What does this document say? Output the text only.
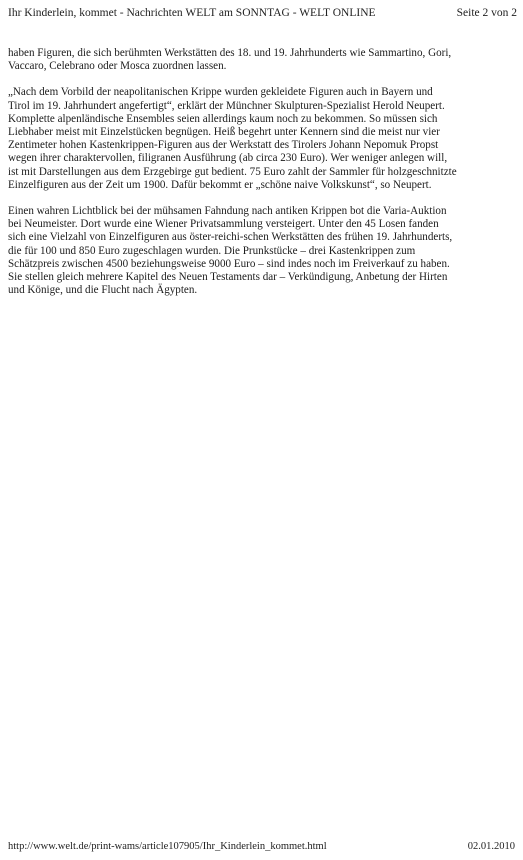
Ihr Kinderlein, kommet - Nachrichten WELT am SONNTAG - WELT ONLINE	Seite 2 von 2

haben Figuren, die sich berühmten Werkstätten des 18. und 19. Jahrhunderts wie Sammartino, Gori,
Vaccaro, Celebrano oder Mosca zuordnen lassen.

„Nach dem Vorbild der neapolitanischen Krippe wurden gekleidete Figuren auch in Bayern und
Tirol im 19. Jahrhundert angefertigt“, erklärt der Münchner Skulpturen-Spezialist Herold Neupert.
Komplette alpenländische Ensembles seien allerdings kaum noch zu bekommen. So müssen sich
Liebhaber meist mit Einzelstücken begnügen. Heiß begehrt unter Kennern sind die meist nur vier
Zentimeter hohen Kastenkrippen-Figuren aus der Werkstatt des Tirolers Johann Nepomuk Propst
wegen ihrer charaktervollen, filigranen Ausführung (ab circa 230 Euro). Wer weniger anlegen will,
ist mit Darstellungen aus dem Erzgebirge gut bedient. 75 Euro zahlt der Sammler für holzgeschnitzte
Einzelfiguren aus der Zeit um 1900. Dafür bekommt er „schöne naive Volkskunst“, so Neupert.

Einen wahren Lichtblick bei der mühsamen Fahndung nach antiken Krippen bot die Varia-Auktion
bei Neumeister. Dort wurde eine Wiener Privatsammlung versteigert. Unter den 45 Losen fanden
sich eine Vielzahl von Einzelfiguren aus öster-reichi-schen Werkstätten des frühen 19. Jahrhunderts,
die für 100 und 850 Euro zugeschlagen wurden. Die Prunkstücke – drei Kastenkrippen zum
Schätzpreis zwischen 4500 beziehungsweise 9000 Euro – sind indes noch im Freiverkauf zu haben.
Sie stellen gleich mehrere Kapitel des Neuen Testaments dar – Verkündigung, Anbetung der Hirten
und Könige, und die Flucht nach Ägypten.

http://www.welt.de/print-wams/article107905/Ihr_Kinderlein_kommet.html	02.01.2010
